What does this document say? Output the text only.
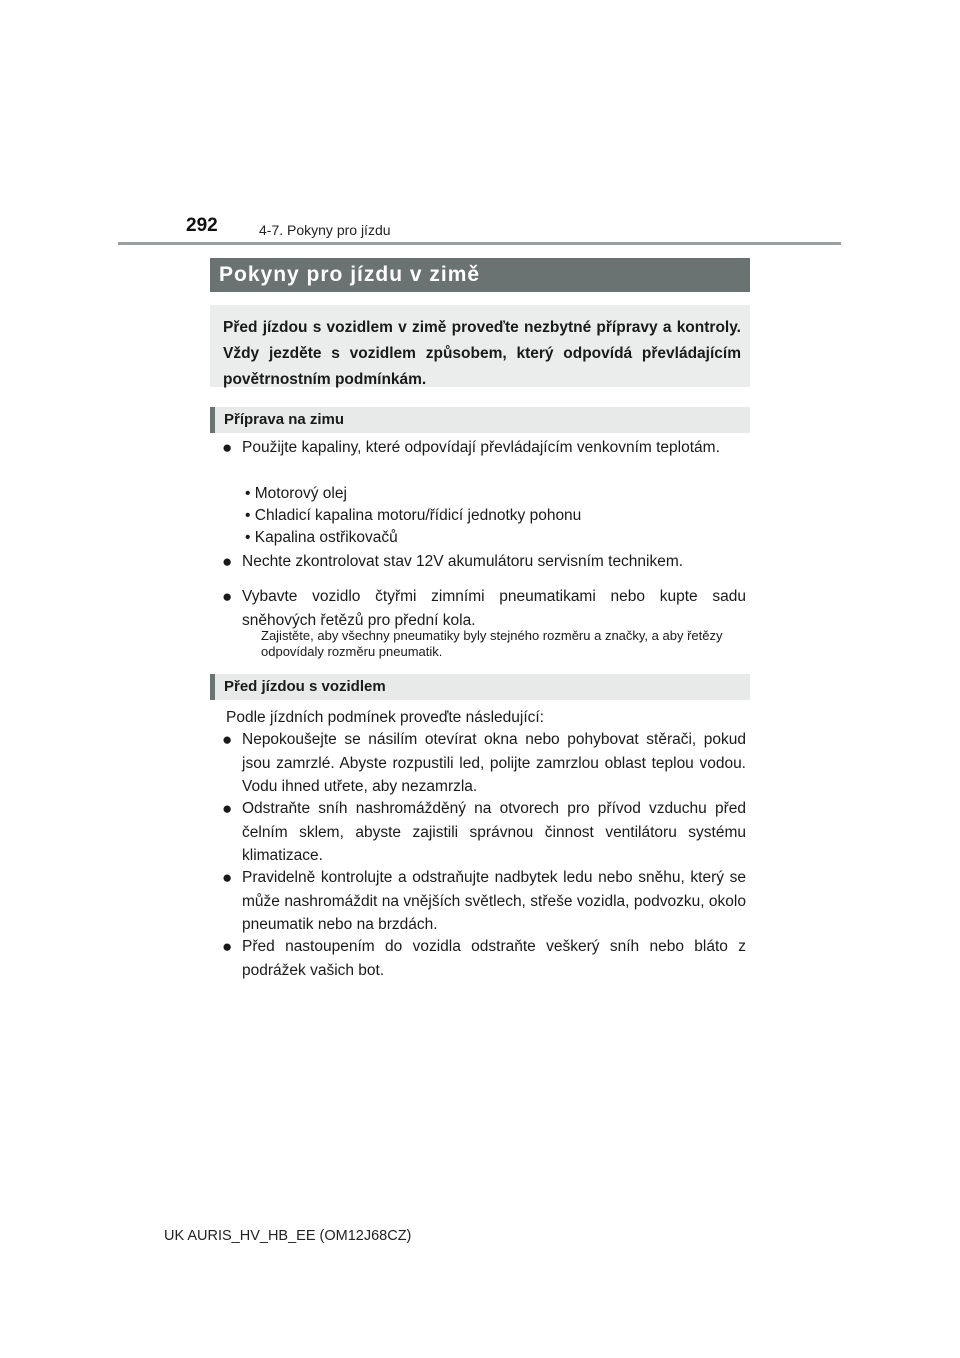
292	4-7. Pokyny pro jízdu
Pokyny pro jízdu v zimě
Před jízdou s vozidlem v zimě proveďte nezbytné přípravy a kontroly. Vždy jezděte s vozidlem způsobem, který odpovídá převládajícím povětrnostním podmínkám.
Příprava na zimu
● Použijte kapaliny, které odpovídají převládajícím venkovním teplotám.
• Motorový olej
• Chladicí kapalina motoru/řídicí jednotky pohonu
• Kapalina ostřikovačů
● Nechte zkontrolovat stav 12V akumulátoru servisním technikem.
● Vybavte vozidlo čtyřmi zimními pneumatikami nebo kupte sadu sněhových řetězů pro přední kola.
Zajistěte, aby všechny pneumatiky byly stejného rozměru a značky, a aby řetězy odpovídaly rozměru pneumatik.
Před jízdou s vozidlem
Podle jízdních podmínek proveďte následující:
● Nepokoušejte se násilím otevírat okna nebo pohybovat stěrači, pokud jsou zamrzlé. Abyste rozpustili led, polijte zamrzlou oblast teplou vodou. Vodu ihned utřete, aby nezamrzla.
● Odstraňte sníh nashromážděný na otvorech pro přívod vzduchu před čelním sklem, abyste zajistili správnou činnost ventilátoru systému klimatizace.
● Pravidelně kontrolujte a odstraňujte nadbytek ledu nebo sněhu, který se může nashromáždit na vnějších světlech, střeše vozidla, podvozku, okolo pneumatik nebo na brzdách.
● Před nastoupením do vozidla odstraňte veškerý sníh nebo bláto z podrážek vašich bot.
UK AURIS_HV_HB_EE (OM12J68CZ)
